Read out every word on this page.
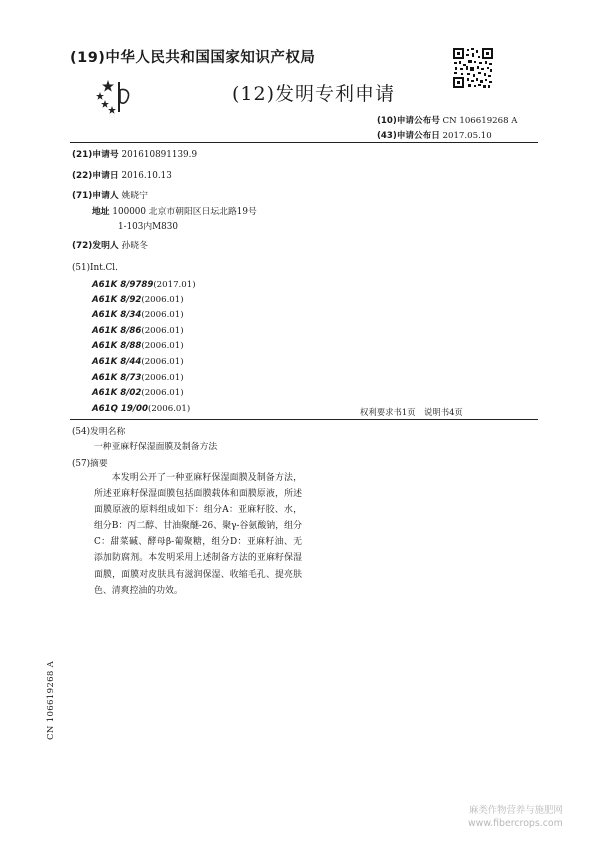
(19)中华人民共和国国家知识产权局
(12)发明专利申请
(10)申请公布号 CN 106619268 A
(43)申请公布日 2017.05.10
(21)申请号 201610891139.9
(22)申请日 2016.10.13
(71)申请人 姚晓宁
地址 100000 北京市朝阳区日坛北路19号
1-103内M830
(72)发明人 孙晓冬
(51)Int.Cl.
A61K 8/9789(2017.01)
A61K 8/92(2006.01)
A61K 8/34(2006.01)
A61K 8/86(2006.01)
A61K 8/88(2006.01)
A61K 8/44(2006.01)
A61K 8/73(2006.01)
A61K 8/02(2006.01)
A61Q 19/00(2006.01)	权利要求书1页　说明书4页
(54)发明名称
一种亚麻籽保湿面膜及制备方法
(57)摘要

本发明公开了一种亚麻籽保湿面膜及制备方法，所述亚麻籽保湿面膜包括面膜载体和面膜原液，所述面膜原液的原料组成如下：组分A：亚麻籽胶、水，组分B：丙二醇、甘油聚醚-26、聚γ-谷氨酸钠，组分C：甜菜碱、酵母β-葡聚糖，组分D：亚麻籽油、无添加防腐剂。本发明采用上述制备方法的亚麻籽保湿面膜，面膜对皮肤具有滋润保湿、收缩毛孔、提亮肤色、清爽控油的功效。

CN 106619268 A
麻类作物营养与施肥网
www.fibercrops.com
